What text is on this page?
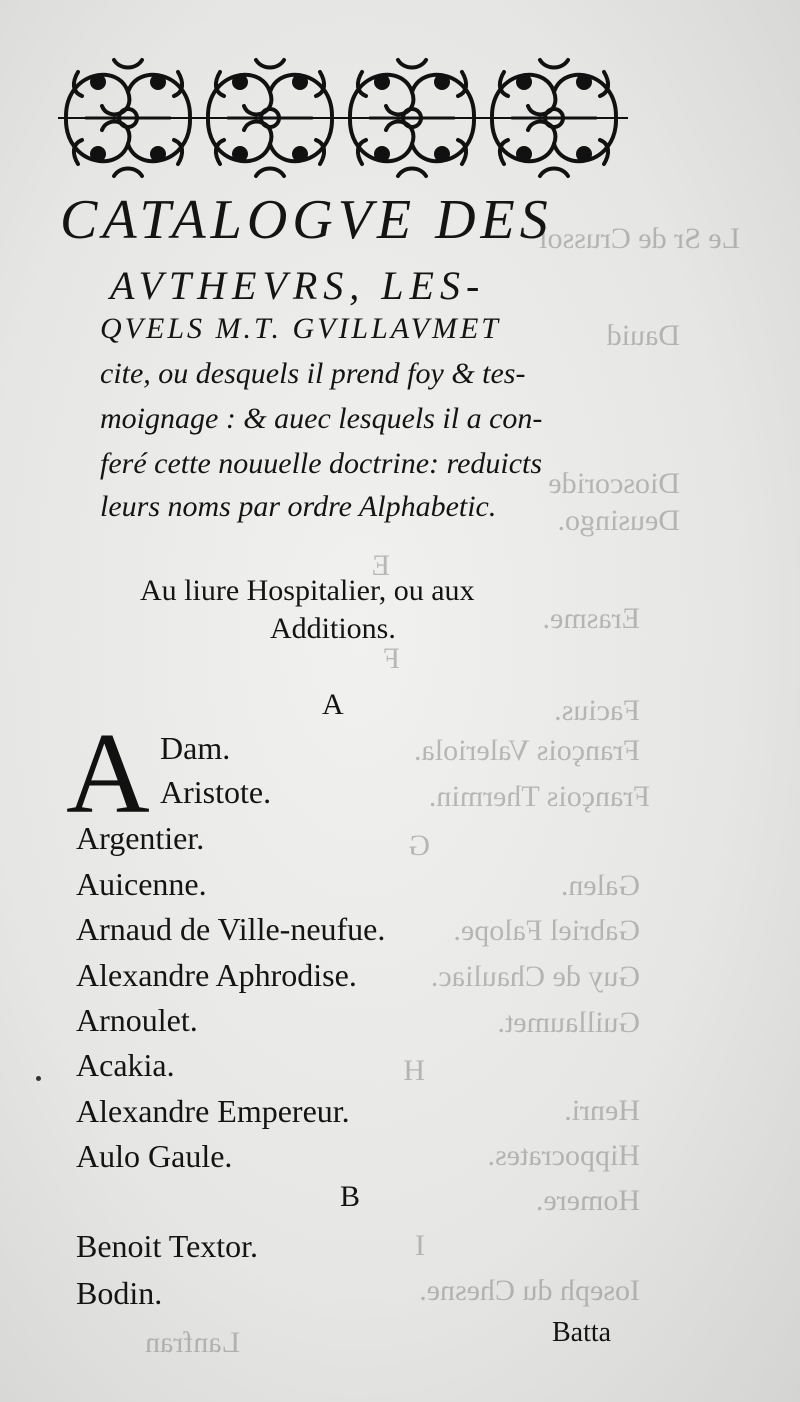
Le Sr de Crussol
Dauid
Dioscoride
Deusingo.
E
Erasme.
F
Facius.
François Valeriola.
François Thermin.
G
Galen.
Gabriel Falope.
Guy de Chauliac.
Guillaumet.
H
Henri.
Hippocrates.
Homere.
I
Ioseph du Chesne.
Lanfran
CATALOGVE DES
AVTHEVRS, LES-
QVELS M.T. GVILLAVMET
cite, ou desquels il prend foy & tes-
moignage : & auec lesquels il a con-
feré cette nouuelle doctrine: reduicts
leurs noms par ordre Alphabetic.
Au liure Hospitalier, ou aux
Additions.
A
A Dam.
Aristote.
Argentier.
Auicenne.
Arnaud de Ville-neufue.
Alexandre Aphrodise.
Arnoulet.
Acakia.
Alexandre Empereur.
Aulo Gaule.
B
Benoit Textor.
Bodin.
Batta
